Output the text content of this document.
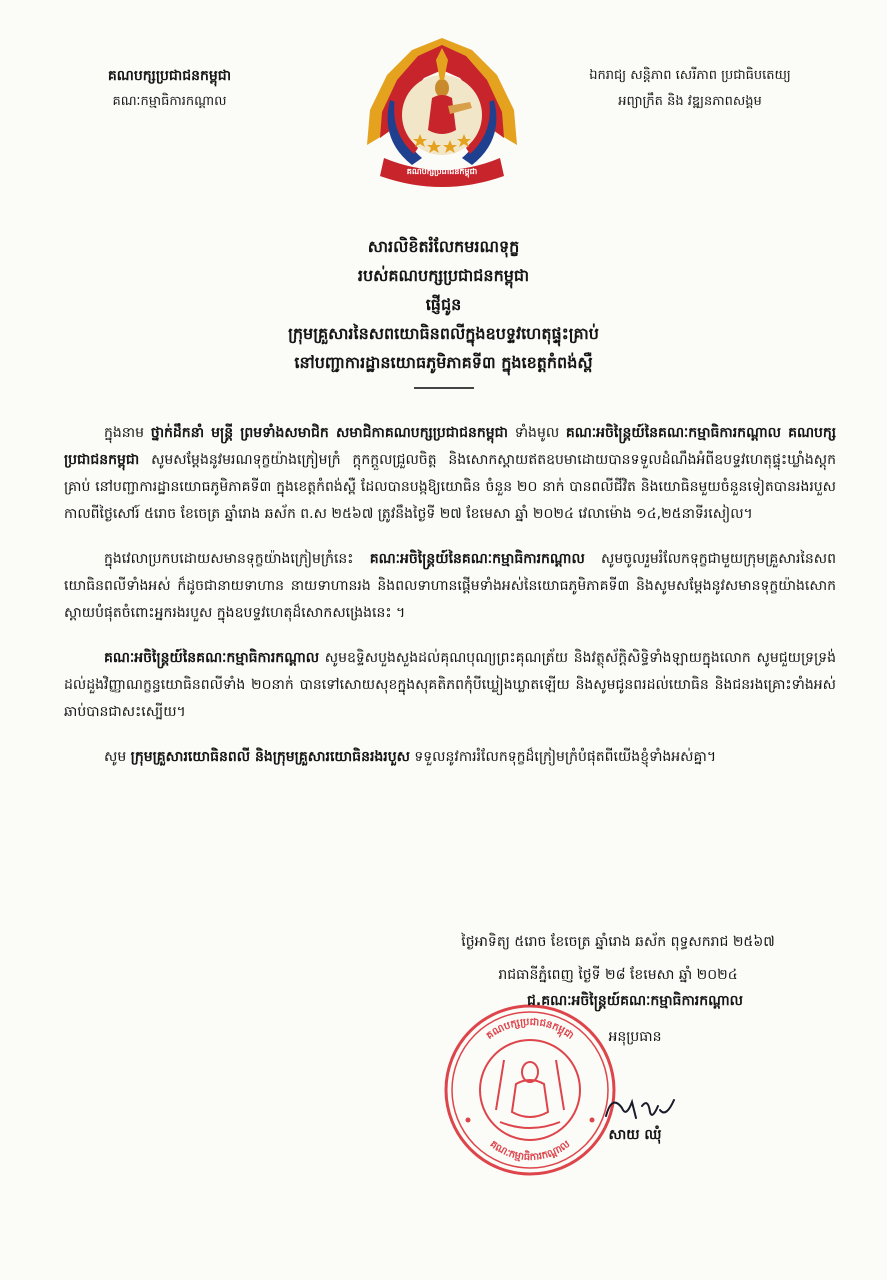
គណបក្សប្រជាជនកម្ពុជា
គណៈកម្មាធិការកណ្ដាល
គណបក្សប្រជាជនកម្ពុជា
ឯករាជ្យ សន្តិភាព សេរីភាព ប្រជាធិបតេយ្យ
អព្យាក្រឹត និង វឌ្ឍនភាពសង្គម
សារលិខិតរំលែកមរណទុក្ខ
របស់គណបក្សប្រជាជនកម្ពុជា
ផ្ញើជូន
ក្រុមគ្រួសារនៃសពយោធិនពលីក្នុងឧបទ្ទវហេតុផ្ទុះគ្រាប់
នៅបញ្ជាការដ្ឋានយោធភូមិភាគទី៣ ក្នុងខេត្តកំពង់ស្ពឺ

ក្នុងនាម ថ្នាក់ដឹកនាំ មន្ត្រី ព្រមទាំងសមាជិក សមាជិកាគណបក្សប្រជាជនកម្ពុជា ទាំងមូល គណៈអចិន្ត្រៃយ៍នៃគណៈកម្មាធិការកណ្ដាល គណបក្សប្រជាជនកម្ពុជា សូមសម្ដែងនូវមរណទុក្ខយ៉ាងក្រៀមក្រំ ក្តុកក្តួលជ្រួលចិត្ត និងសោកស្ដាយឥតឧបមាដោយបានទទួលដំណឹងអំពីឧបទ្ទវហេតុផ្ទុះឃ្លាំងស្តុកគ្រាប់ នៅបញ្ជាការដ្ឋានយោធភូមិភាគទី៣ ក្នុងខេត្តកំពង់ស្ពឺ ដែលបានបង្កឱ្យយោធិន ចំនួន ២០ នាក់ បានពលីជីវិត និងយោធិនមួយចំនួនទៀតបានរងរបួស កាលពីថ្ងៃសៅរ៍ ៥រោច ខែចេត្រ ឆ្នាំរោង ឆស័ក ព.ស ២៥៦៧ ត្រូវនឹងថ្ងៃទី ២៧ ខែមេសា ឆ្នាំ ២០២៤ វេលាម៉ោង ១៤,២៥នាទីរសៀល។

ក្នុងវេលាប្រកបដោយសមានទុក្ខយ៉ាងក្រៀមក្រំនេះ គណៈអចិន្ត្រៃយ៍នៃគណៈកម្មាធិការកណ្ដាល សូមចូលរួមរំលែកទុក្ខជាមួយក្រុមគ្រួសារនៃសពយោធិនពលីទាំងអស់ ក៏ដូចជានាយទាហាន នាយទាហានរង និងពលទាហានផ្ដើមទាំងអស់នៃយោធភូមិភាគទី៣ និងសូមសម្ដែងនូវសមានទុក្ខយ៉ាងសោកស្ដាយបំផុតចំពោះអ្នករងរបួស ក្នុងឧបទ្ទវហេតុដ៏សោកសង្រេងនេះ ។

គណៈអចិន្ត្រៃយ៍នៃគណៈកម្មាធិការកណ្ដាល សូមឧទ្ទិសបួងសួងដល់គុណបុណ្យព្រះគុណត្រ័យ និងវត្ថុស័ក្តិសិទ្ធិទាំងឡាយក្នុងលោក សូមជួយទ្រទ្រង់ដល់ដួងវិញ្ញាណក្ខន្ធយោធិនពលីទាំង ២០នាក់ បានទៅសោយសុខក្នុងសុគតិភពកុំបីឃ្លៀងឃ្លាតឡើយ និងសូមជូនពរដល់យោធិន និងជនរងគ្រោះទាំងអស់ឆាប់បានជាសះស្បើយ។

សូម ក្រុមគ្រួសារយោធិនពលី និងក្រុមគ្រួសារយោធិនរងរបួស ទទួលនូវការរំលែកទុក្ខដ៏ក្រៀមក្រំបំផុតពីយើងខ្ញុំទាំងអស់គ្នា។

ថ្ងៃអាទិត្យ ៥រោច ខែចេត្រ ឆ្នាំរោង ឆស័ក ពុទ្ធសករាជ ២៥៦៧
រាជធានីភ្នំពេញ ថ្ងៃទី ២៨ ខែមេសា ឆ្នាំ ២០២៤
គណបក្សប្រជាជនកម្ពុជា
គណៈកម្មាធិការកណ្ដាល
ជ.គណៈអចិន្ត្រៃយ៍គណៈកម្មាធិការកណ្ដាល
អនុប្រធាន
សាយ ឈុំ
